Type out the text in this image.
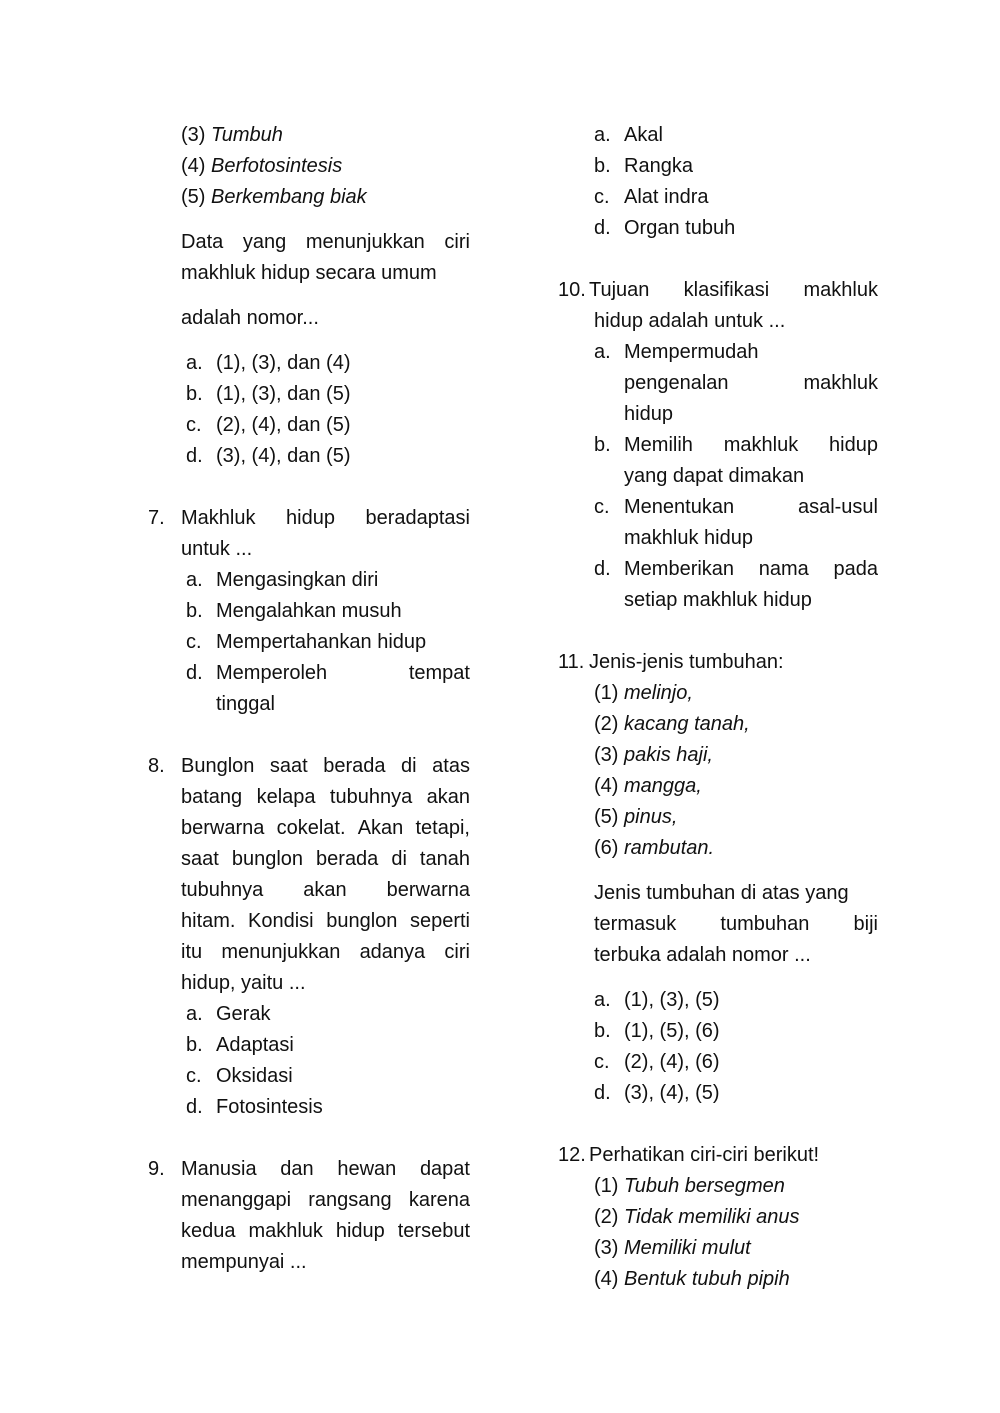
(3) Tumbuh
(4) Berfotosintesis
(5) Berkembang biak
Data yang menunjukkan ciri
makhluk hidup secara umum
adalah nomor...
a. (1), (3), dan (4)
b. (1), (3), dan (5)
c. (2), (4), dan (5)
d. (3), (4), dan (5)
7. Makhluk hidup beradaptasi
untuk ...
a. Mengasingkan diri
b. Mengalahkan musuh
c. Mempertahankan hidup
d. Memperoleh	tempat
tinggal
8. Bunglon saat berada di atas
batang kelapa tubuhnya akan
berwarna cokelat. Akan tetapi,
saat bunglon berada di tanah
tubuhnya akan berwarna
hitam. Kondisi bunglon seperti
itu menunjukkan adanya ciri
hidup, yaitu ...
a. Gerak
b. Adaptasi
c. Oksidasi
d. Fotosintesis
9. Manusia dan hewan dapat
menanggapi rangsang karena
kedua makhluk hidup tersebut
mempunyai ...
a. Akal
b. Rangka
c. Alat indra
d. Organ tubuh
10. Tujuan klasifikasi makhluk
hidup adalah untuk ...
a. Mempermudah
pengenalan	makhluk
hidup
b. Memilih makhluk hidup
yang dapat dimakan
c. Menentukan	asal-usul
makhluk hidup
d. Memberikan nama pada
setiap makhluk hidup
11. Jenis-jenis tumbuhan:
(1) melinjo,
(2) kacang tanah,
(3) pakis haji,
(4) mangga,
(5) pinus,
(6) rambutan.
Jenis tumbuhan di atas yang
termasuk tumbuhan biji
terbuka adalah nomor ...
a. (1), (3), (5)
b. (1), (5), (6)
c. (2), (4), (6)
d. (3), (4), (5)
12. Perhatikan ciri-ciri berikut!
(1) Tubuh bersegmen
(2) Tidak memiliki anus
(3) Memiliki mulut
(4) Bentuk tubuh pipih
